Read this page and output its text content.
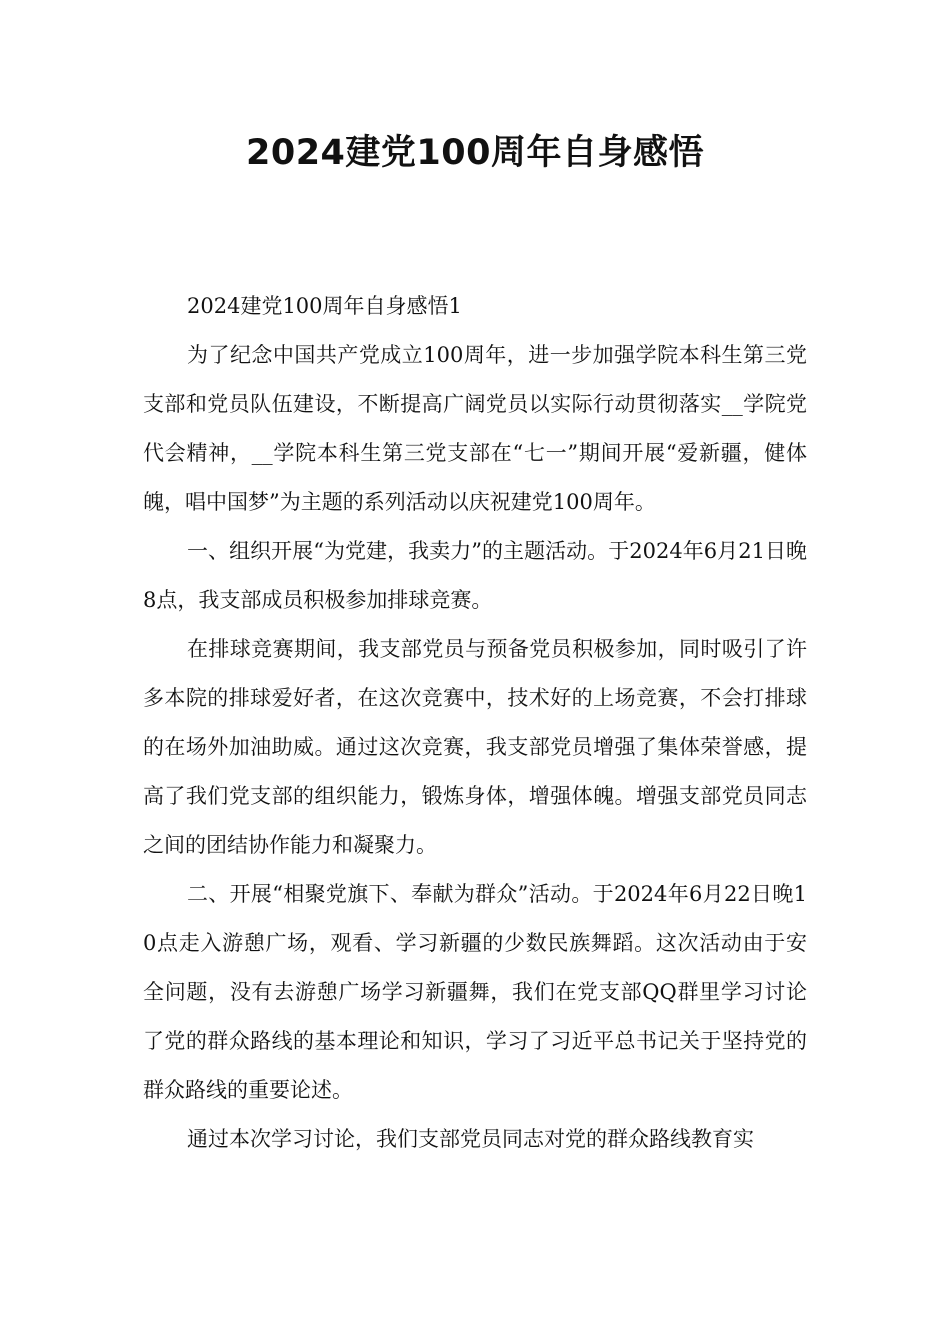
2024建党100周年自身感悟

2024建党100周年自身感悟1

为了纪念中国共产党成立100周年，进一步加强学院本科生第三党支部和党员队伍建设，不断提高广阔党员以实际行动贯彻落实__学院党代会精神，__学院本科生第三党支部在“七一”期间开展“爱新疆，健体魄，唱中国梦”为主题的系列活动以庆祝建党100周年。

一、组织开展“为党建，我卖力”的主题活动。于2024年6月21日晚8点，我支部成员积极参加排球竞赛。

在排球竞赛期间，我支部党员与预备党员积极参加，同时吸引了许多本院的排球爱好者，在这次竞赛中，技术好的上场竞赛，不会打排球的在场外加油助威。通过这次竞赛，我支部党员增强了集体荣誉感，提高了我们党支部的组织能力，锻炼身体，增强体魄。增强支部党员同志之间的团结协作能力和凝聚力。

二、开展“相聚党旗下、奉献为群众”活动。于2024年6月22日晚10点走入游憩广场，观看、学习新疆的少数民族舞蹈。这次活动由于安全问题，没有去游憩广场学习新疆舞，我们在党支部QQ群里学习讨论了党的群众路线的基本理论和知识，学习了习近平总书记关于坚持党的群众路线的重要论述。

通过本次学习讨论，我们支部党员同志对党的群众路线教育实
